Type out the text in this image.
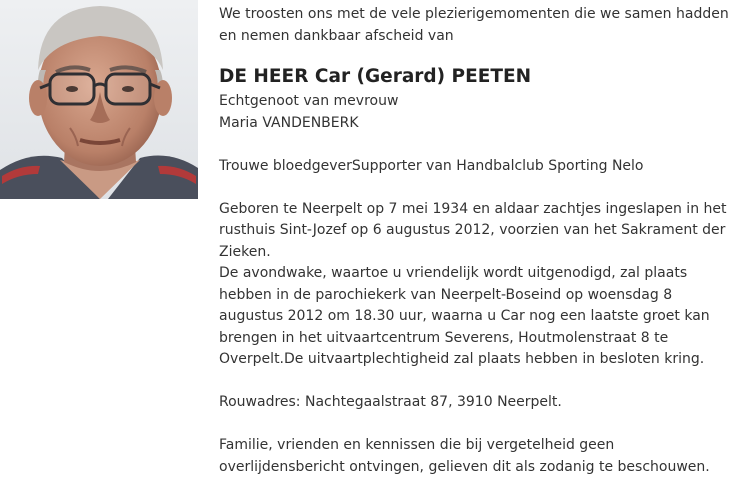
We troosten ons met de vele plezierigemomenten die we samen hadden
en nemen dankbaar afscheid van

DE HEER Car (Gerard) PEETEN

Echtgenoot van mevrouw
Maria VANDENBERK

Trouwe bloedgeverSupporter van Handbalclub Sporting Nelo

Geboren te Neerpelt op 7 mei 1934 en aldaar zachtjes ingeslapen in het
rusthuis Sint-Jozef op 6 augustus 2012, voorzien van het Sakrament der
Zieken.
De avondwake, waartoe u vriendelijk wordt uitgenodigd, zal plaats
hebben in de parochiekerk van Neerpelt-Boseind op woensdag 8
augustus 2012 om 18.30 uur, waarna u Car nog een laatste groet kan
brengen in het uitvaartcentrum Severens, Houtmolenstraat 8 te
Overpelt.De uitvaartplechtigheid zal plaats hebben in besloten kring.

Rouwadres: Nachtegaalstraat 87, 3910 Neerpelt.

Familie, vrienden en kennissen die bij vergetelheid geen
overlijdensbericht ontvingen, gelieven dit als zodanig te beschouwen.
